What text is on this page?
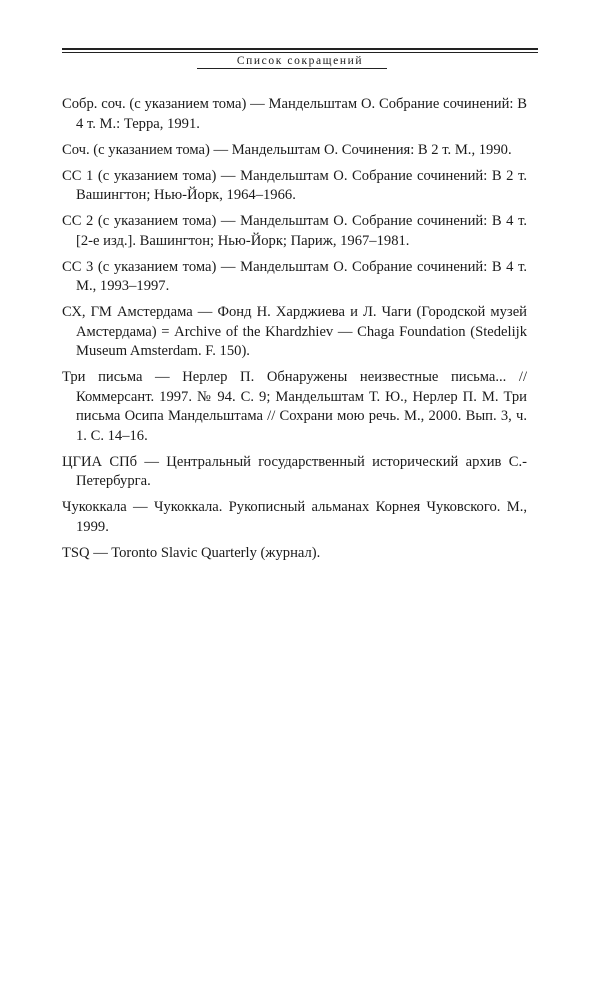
Список сокращений

Собр. соч. (с указанием тома) — Мандельштам О. Собрание сочинений: В 4 т. М.: Терра, 1991.

Соч. (с указанием тома) — Мандельштам О. Сочинения: В 2 т. М., 1990.

СС 1 (с указанием тома) — Мандельштам О. Собрание сочинений: В 2 т. Вашингтон; Нью-Йорк, 1964–1966.

СС 2 (с указанием тома) — Мандельштам О. Собрание сочинений: В 4 т. [2-е изд.]. Вашингтон; Нью-Йорк; Париж, 1967–1981.

СС 3 (с указанием тома) — Мандельштам О. Собрание сочинений: В 4 т. М., 1993–1997.

СХ, ГМ Амстердама — Фонд Н. Харджиева и Л. Чаги (Городской музей Амстердама) = Archive of the Khardzhiev — Chaga Foundation (Stedelijk Museum Amsterdam. F. 150).

Три письма — Нерлер П. Обнаружены неизвестные письма... // Коммерсант. 1997. № 94. С. 9; Мандельштам Т. Ю., Нерлер П. М. Три письма Осипа Мандельштама // Сохрани мою речь. М., 2000. Вып. 3, ч. 1. С. 14–16.

ЦГИА СПб — Центральный государственный исторический архив С.-Петербурга.

Чукоккала — Чукоккала. Рукописный альманах Корнея Чуковского. М., 1999.

TSQ — Toronto Slavic Quarterly (журнал).
